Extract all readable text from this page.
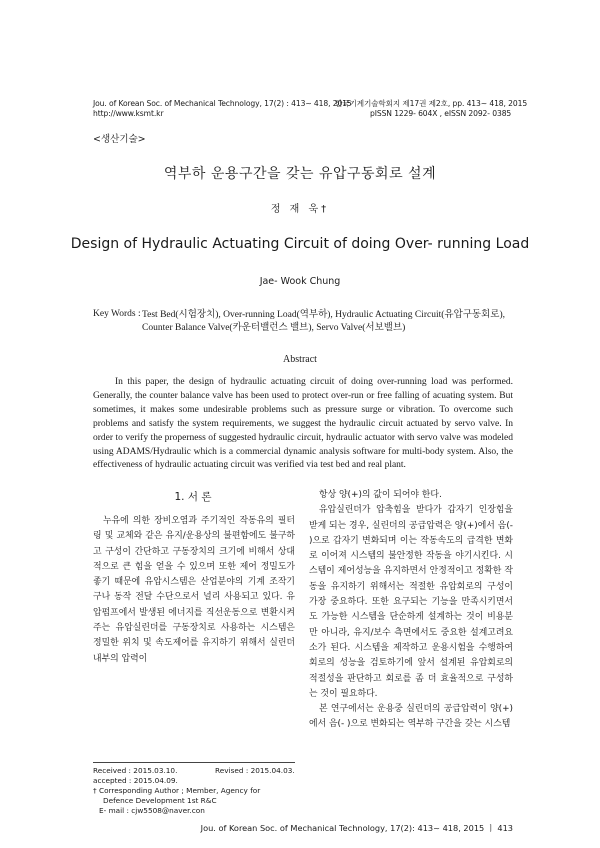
Jou. of Korean Soc. of Mechanical Technology, 17(2) : 413~ 418, 2015
http://www.ksmt.kr
한국기계기술학회지 제17권 제2호, pp. 413~ 418, 2015
pISSN 1229- 604X , eISSN 2092- 0385
<생산기술>
역부하 운용구간을 갖는 유압구동회로 설계
정 재 욱†
Design of Hydraulic Actuating Circuit of doing Over- running Load
Jae- Wook Chung
Key Words : Test Bed(시험장치), Over-running Load(역부하), Hydraulic Actuating Circuit(유압구동회로), Counter Balance Valve(카운터밸런스 밸브), Servo Valve(서보밸브)
Abstract
In this paper, the design of hydraulic actuating circuit of doing over-running load was performed. Generally, the counter balance valve has been used to protect over-run or free falling of acuating system. But sometimes, it makes some undesirable problems such as pressure surge or vibration. To overcome such problems and satisfy the system requirements, we suggest the hydraulic circuit actuated by servo valve. In order to verify the properness of suggested hydraulic circuit, hydraulic actuator with servo valve was modeled using ADAMS/Hydraulic which is a commercial dynamic analysis software for multi-body system. Also, the effectiveness of hydraulic actuating circuit was verified via test bed and real plant.
1. 서 론
누유에 의한 장비오염과 주기적인 작동유의 필터링 및 교체와 같은 유지/운용상의 불편함에도 불구하고 구성이 간단하고 구동장치의 크기에 비해서 상대적으로 큰 힘을 얻을 수 있으며 또한 제어 정밀도가 좋기 때문에 유압시스템은 산업분야의 기계 조작기구나 동작 전달 수단으로서 널리 사용되고 있다. 유압펌프에서 발생된 에너지를 직선운동으로 변환시켜주는 유압실린더를 구동장치로 사용하는 시스템은 정밀한 위치 및 속도제어를 유지하기 위해서 실린더 내부의 압력이

항상 양(+)의 값이 되어야 한다.

유압실린더가 압축힘을 받다가 갑자기 인장힘을 받게 되는 경우, 실린더의 공급압력은 양(+)에서 음(- )으로 갑자기 변화되며 이는 작동속도의 급격한 변화로 이어져 시스템의 불안정한 작동을 야기시킨다. 시스템이 제어성능을 유지하면서 안정적이고 정확한 작동을 유지하기 위해서는 적절한 유압회로의 구성이 가장 중요하다. 또한 요구되는 기능을 만족시키면서도 가능한 시스템을 단순하게 설계하는 것이 비용분만 아니라, 유지/보수 측면에서도 중요한 설계고려요소가 된다. 시스템을 제작하고 운용시험을 수행하여 회로의 성능을 검토하기에 앞서 설계된 유압회로의 적절성을 판단하고 회로를 좀 더 효율적으로 구성하는 것이 필요하다.

본 연구에서는 운용중 실린더의 공급압력이 양(+)에서 음(- )으로 변화되는 역부하 구간을 갖는 시스템

Received : 2015.03.10.	Revised : 2015.04.03.
accepted : 2015.04.09.
† Corresponding Author ; Member, Agency for
Defence Development 1st R&C
E- mail : cjw5508@naver.con
Jou. of Korean Soc. of Mechanical Technology, 17(2): 413~ 418, 2015 ㅣ 413
